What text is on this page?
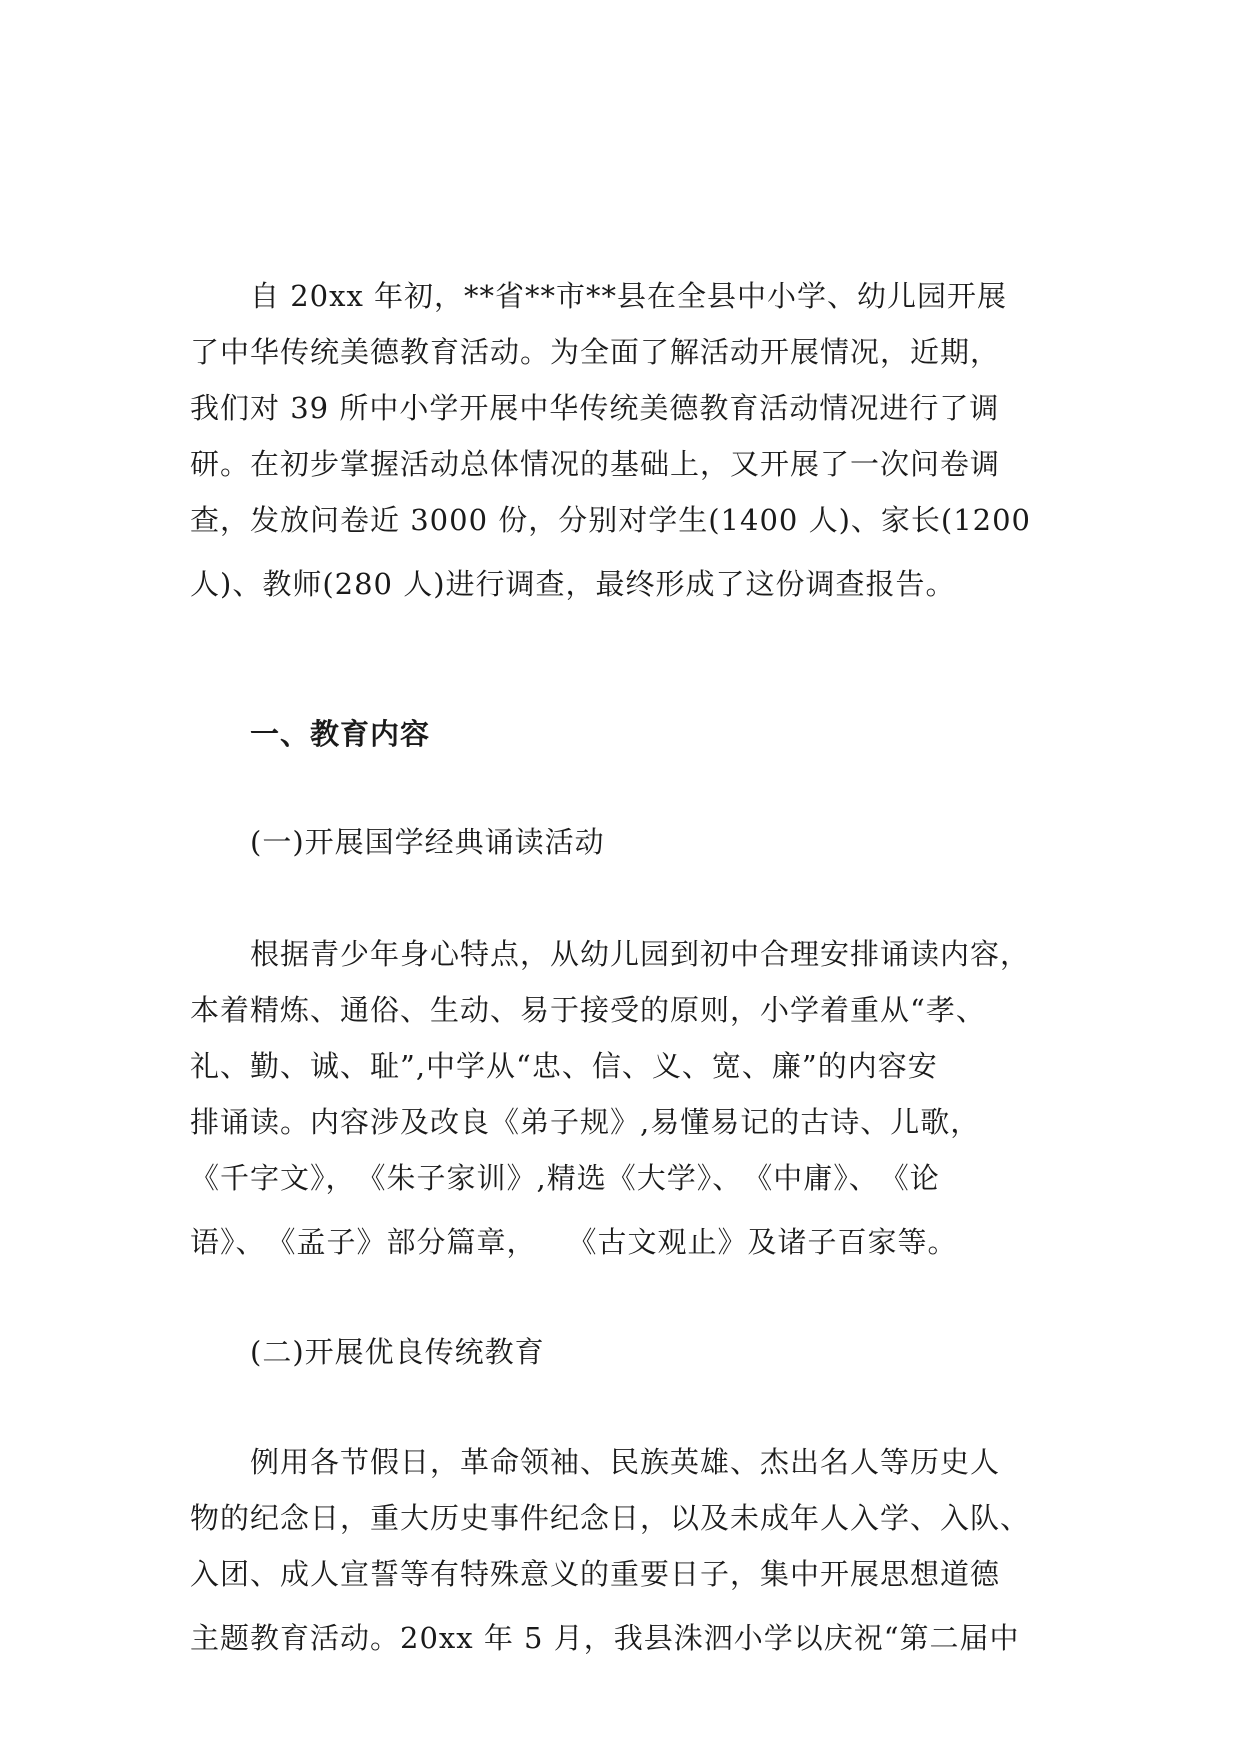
自 20xx 年初，**省**市**县在全县中小学、幼儿园开展
了中华传统美德教育活动。为全面了解活动开展情况，近期，
我们对 39 所中小学开展中华传统美德教育活动情况进行了调
研。在初步掌握活动总体情况的基础上，又开展了一次问卷调
查，发放问卷近 3000 份，分别对学生(1400 人)、家长(1200
人)、教师(280 人)进行调查，最终形成了这份调查报告。
一、教育内容
(一)开展国学经典诵读活动
根据青少年身心特点，从幼儿园到初中合理安排诵读内容，
本着精炼、通俗、生动、易于接受的原则，小学着重从“孝、
礼、勤、诚、耻”,中学从“忠、信、义、宽、廉”的内容安
排诵读。内容涉及改良《弟子规》,易懂易记的古诗、儿歌，
《千字文》，　《朱子家训》,精选《大学》、　《中庸》、　《论
语》、　《孟子》部分篇章，　　《古文观止》及诸子百家等。
(二)开展优良传统教育
例用各节假日，革命领袖、民族英雄、杰出名人等历史人
物的纪念日，重大历史事件纪念日，以及未成年人入学、入队、
入团、成人宣誓等有特殊意义的重要日子，集中开展思想道德
主题教育活动。20xx 年 5 月，我县洙泗小学以庆祝“第二届中
